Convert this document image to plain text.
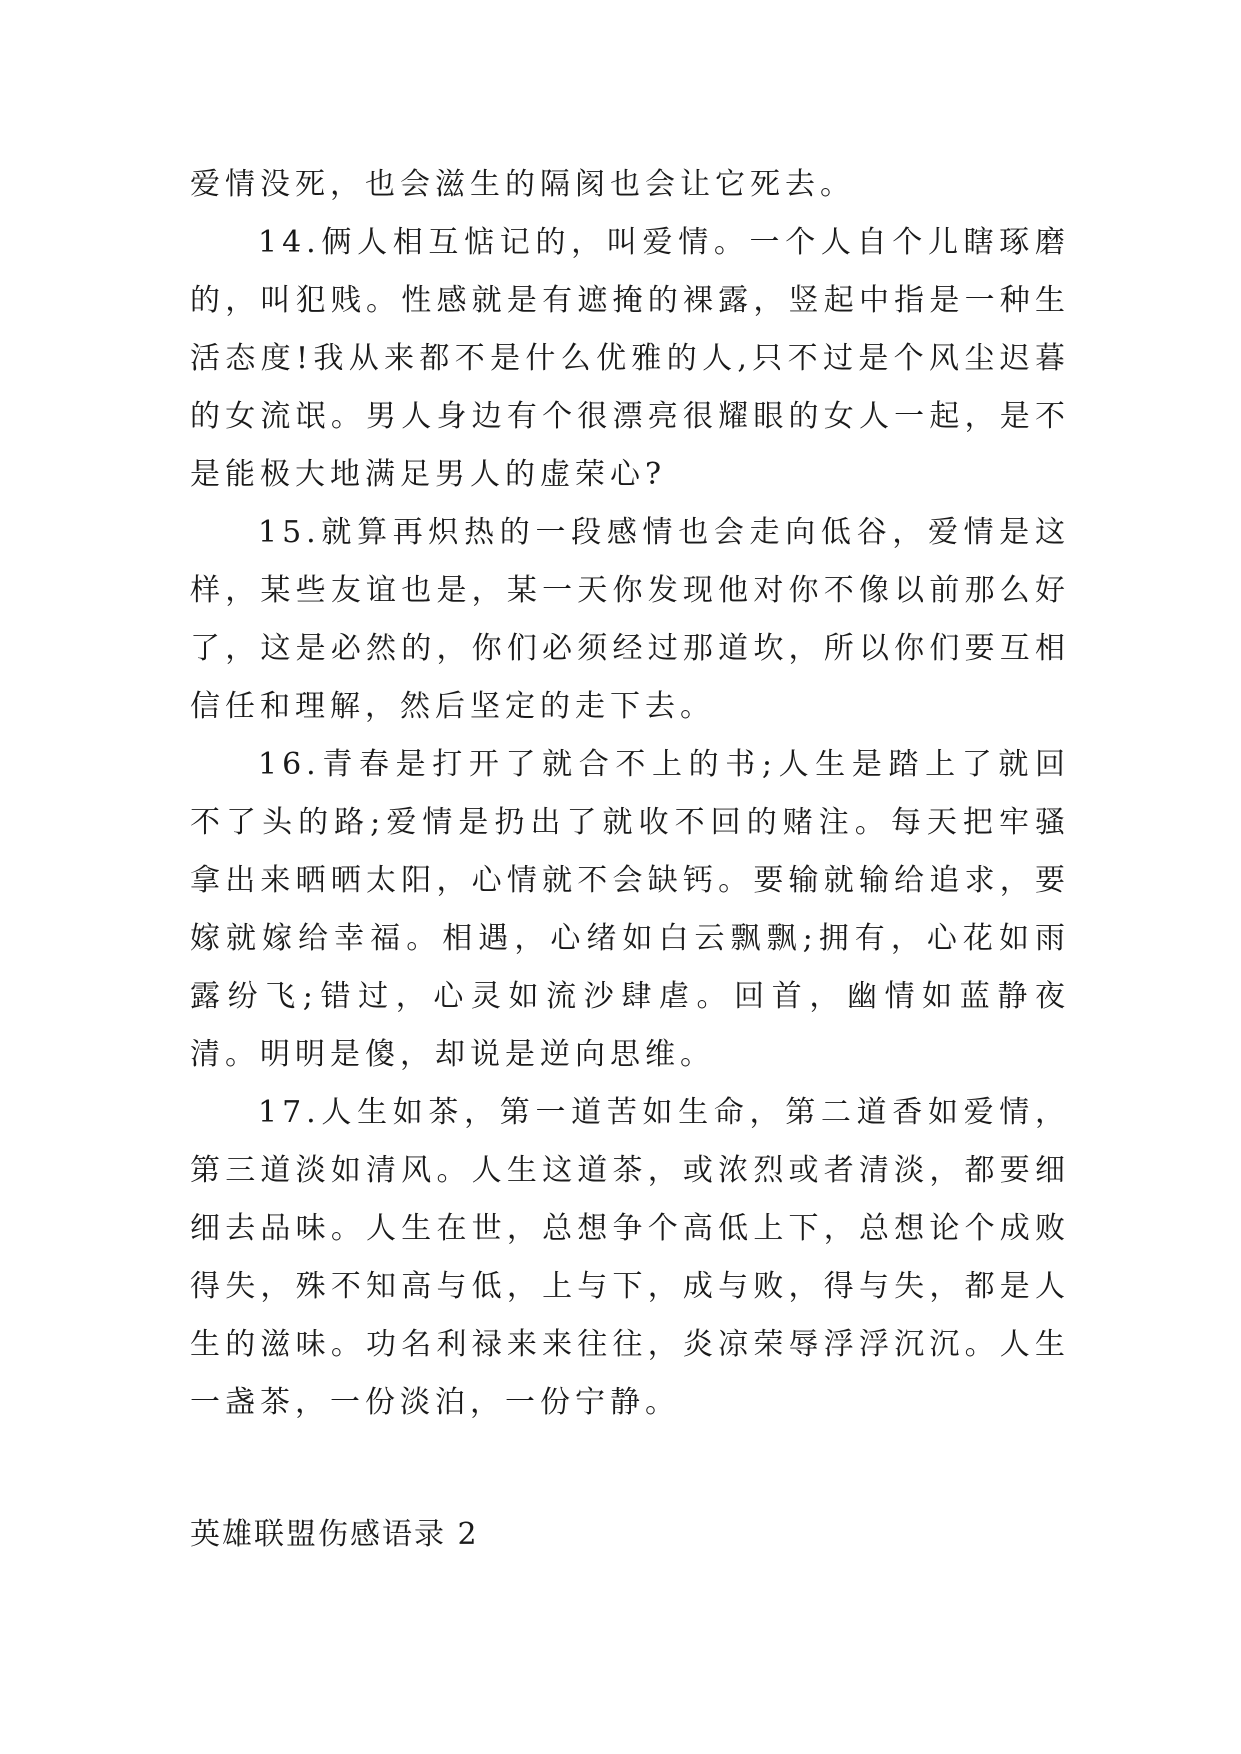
爱情没死，也会滋生的隔阂也会让它死去。

14.俩人相互惦记的，叫爱情。一个人自个儿瞎琢磨的，叫犯贱。性感就是有遮掩的裸露，竖起中指是一种生活态度!我从来都不是什么优雅的人,只不过是个风尘迟暮的女流氓。男人身边有个很漂亮很耀眼的女人一起，是不是能极大地满足男人的虚荣心?

15.就算再炽热的一段感情也会走向低谷，爱情是这样，某些友谊也是，某一天你发现他对你不像以前那么好了，这是必然的，你们必须经过那道坎，所以你们要互相信任和理解，然后坚定的走下去。

16.青春是打开了就合不上的书;人生是踏上了就回不了头的路;爱情是扔出了就收不回的赌注。每天把牢骚拿出来晒晒太阳，心情就不会缺钙。要输就输给追求，要嫁就嫁给幸福。相遇，心绪如白云飘飘;拥有，心花如雨露纷飞;错过，心灵如流沙肆虐。回首，幽情如蓝静夜清。明明是傻，却说是逆向思维。

17.人生如茶，第一道苦如生命，第二道香如爱情，第三道淡如清风。人生这道茶，或浓烈或者清淡，都要细细去品味。人生在世，总想争个高低上下，总想论个成败得失，殊不知高与低，上与下，成与败，得与失，都是人生的滋味。功名利禄来来往往，炎凉荣辱浮浮沉沉。人生一盏茶，一份淡泊，一份宁静。

英雄联盟伤感语录 2
